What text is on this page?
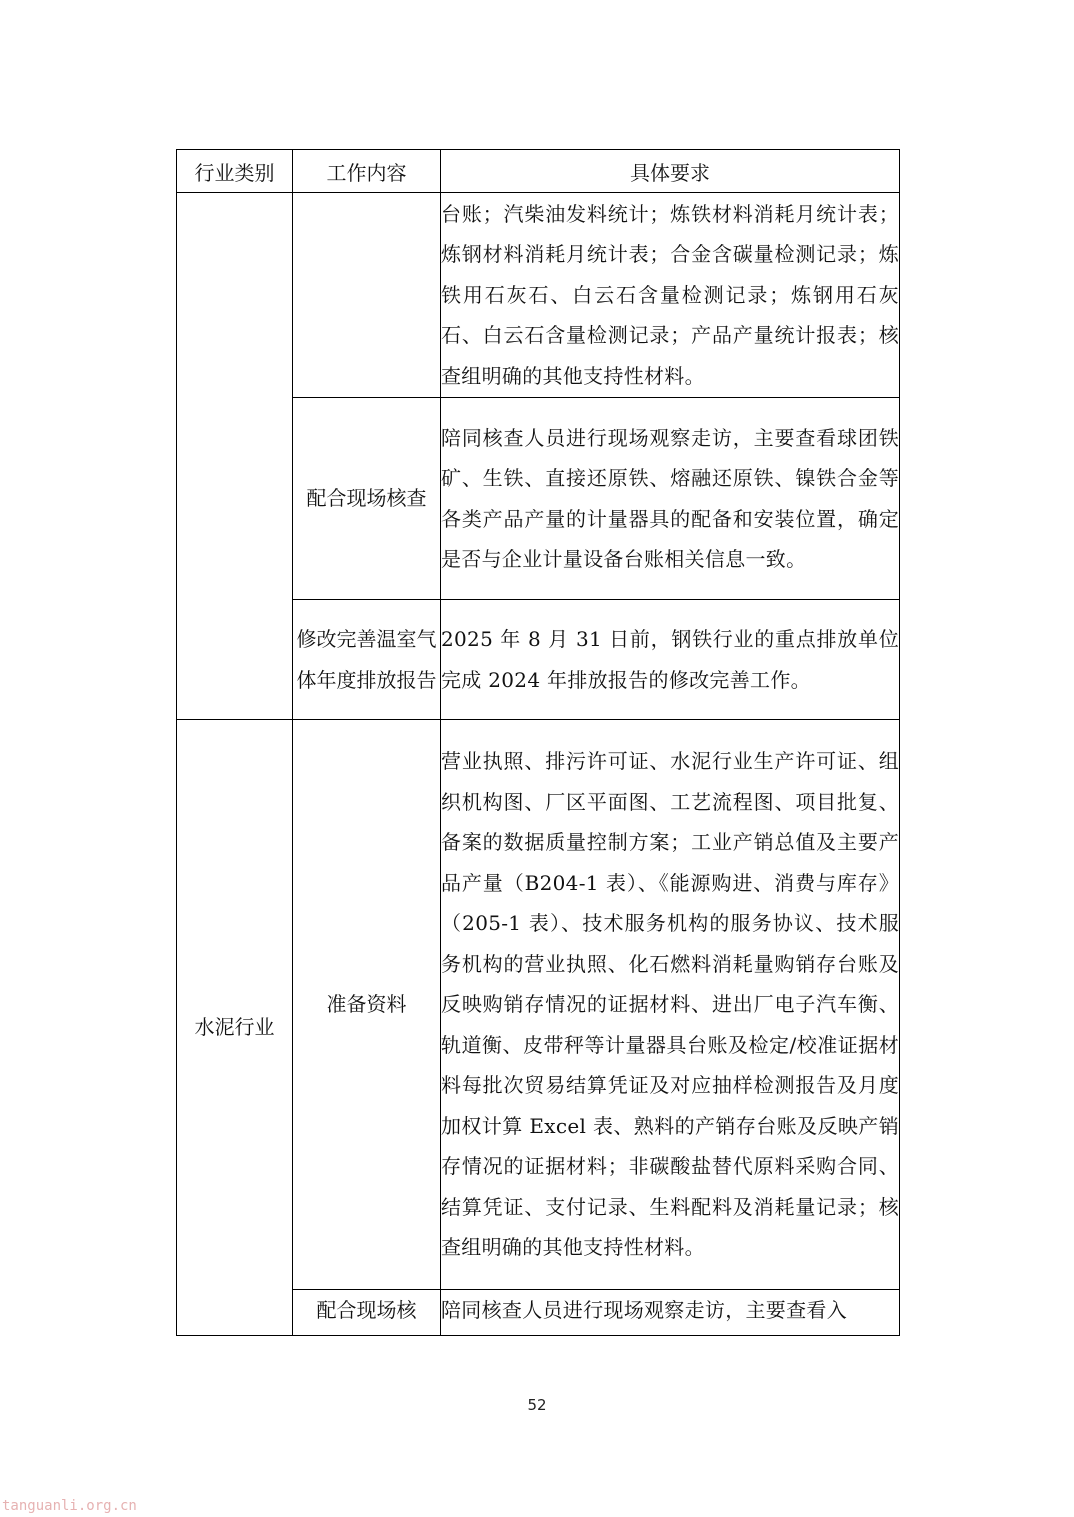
行业类别	工作内容	具体要求
		台账；汽柴油发料统计；炼铁材料消耗月统计表；炼钢材料消耗月统计表；合金含碳量检测记录；炼铁用石灰石、白云石含量检测记录；炼钢用石灰石、白云石含量检测记录；产品产量统计报表；核查组明确的其他支持性材料。
	配合现场核查	陪同核查人员进行现场观察走访，主要查看球团铁矿、生铁、直接还原铁、熔融还原铁、镍铁合金等各类产品产量的计量器具的配备和安装位置，确定是否与企业计量设备台账相关信息一致。
	修改完善温室气体年度排放报告	2025 年 8 月 31 日前，钢铁行业的重点排放单位完成 2024 年排放报告的修改完善工作。
水泥行业	准备资料	营业执照、排污许可证、水泥行业生产许可证、组织机构图、厂区平面图、工艺流程图、项目批复、备案的数据质量控制方案；工业产销总值及主要产品产量（B204-1 表）、《能源购进、消费与库存》（205-1 表）、技术服务机构的服务协议、技术服务机构的营业执照、化石燃料消耗量购销存台账及反映购销存情况的证据材料、进出厂电子汽车衡、轨道衡、皮带秤等计量器具台账及检定/校准证据材料每批次贸易结算凭证及对应抽样检测报告及月度加权计算 Excel 表、熟料的产销存台账及反映产销存情况的证据材料；非碳酸盐替代原料采购合同、结算凭证、支付记录、生料配料及消耗量记录；核查组明确的其他支持性材料。
	配合现场核	陪同核查人员进行现场观察走访，主要查看入
52
tanguanli.org.cn
